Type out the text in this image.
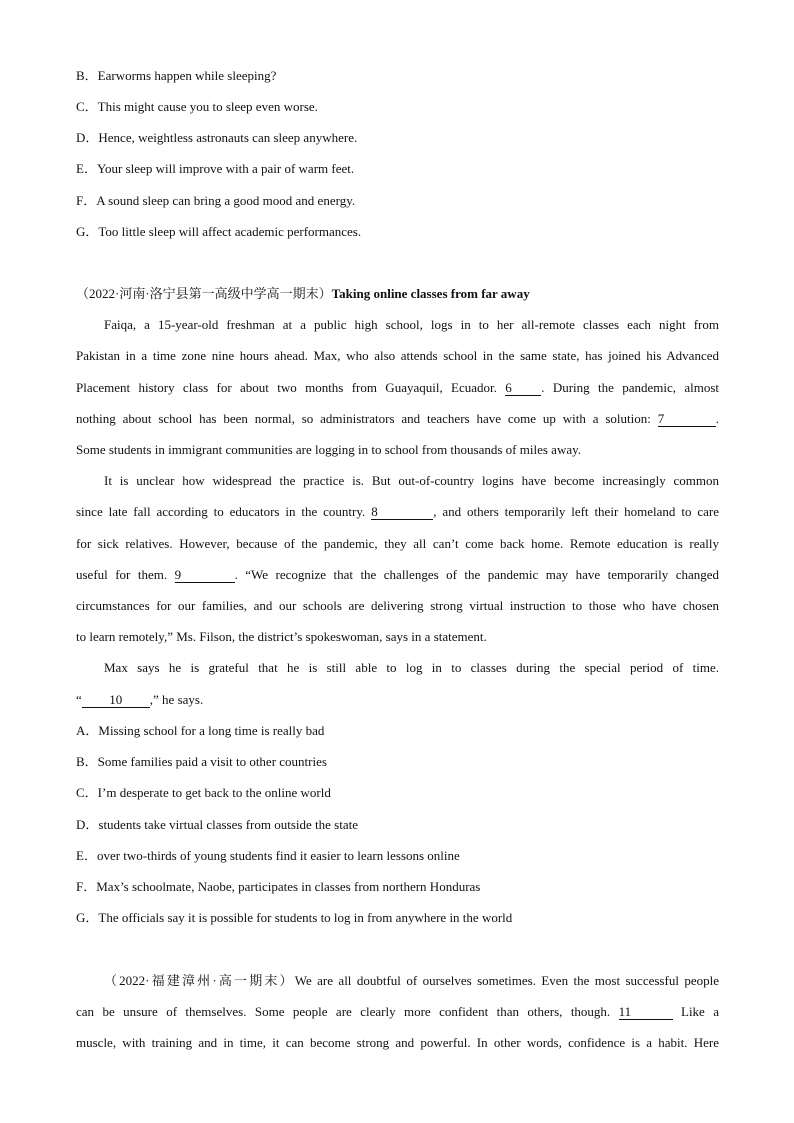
B．Earworms happen while sleeping?
C．This might cause you to sleep even worse.
D．Hence, weightless astronauts can sleep anywhere.
E．Your sleep will improve with a pair of warm feet.
F．A sound sleep can bring a good mood and energy.
G．Too little sleep will affect academic performances.
（2022·河南·洛宁县第一高级中学高一期末）Taking online classes from far away
Faiqa, a 15-year-old freshman at a public high school, logs in to her all-remote classes each night from
Pakistan in a time zone nine hours ahead. Max, who also attends school in the same state, has joined his Advanced
Placement history class for about two months from Guayaquil, Ecuador. 6 . During the pandemic, almost
nothing about school has been normal, so administrators and teachers have come up with a solution: 7	.
Some students in immigrant communities are logging in to school from thousands of miles away.
It is unclear how widespread the practice is. But out-of-country logins have become increasingly common
since late fall according to educators in the country. 8	, and others temporarily left their homeland to care
for sick relatives. However, because of the pandemic, they all can’t come back home. Remote education is really
useful for them. 9	. “We recognize that the challenges of the pandemic may have temporarily changed
circumstances for our families, and our schools are delivering strong virtual instruction to those who have chosen
to learn remotely,” Ms. Filson, the district’s spokeswoman, says in a statement.
Max says he is grateful that he is still able to log in to classes during the special period of time.
“ 10 ,” he says.
A．Missing school for a long time is really bad
B．Some families paid a visit to other countries
C．I’m desperate to get back to the online world
D．students take virtual classes from outside the state
E．over two-thirds of young students find it easier to learn lessons online
F．Max’s schoolmate, Naobe, participates in classes from northern Honduras
G．The officials say it is possible for students to log in from anywhere in the world
（2022·福建漳州·高一期末）We are all doubtful of ourselves sometimes. Even the most successful people
can be unsure of themselves. Some people are clearly more confident than others, though. 11	Like a
muscle, with training and in time, it can become strong and powerful. In other words, confidence is a habit. Here
